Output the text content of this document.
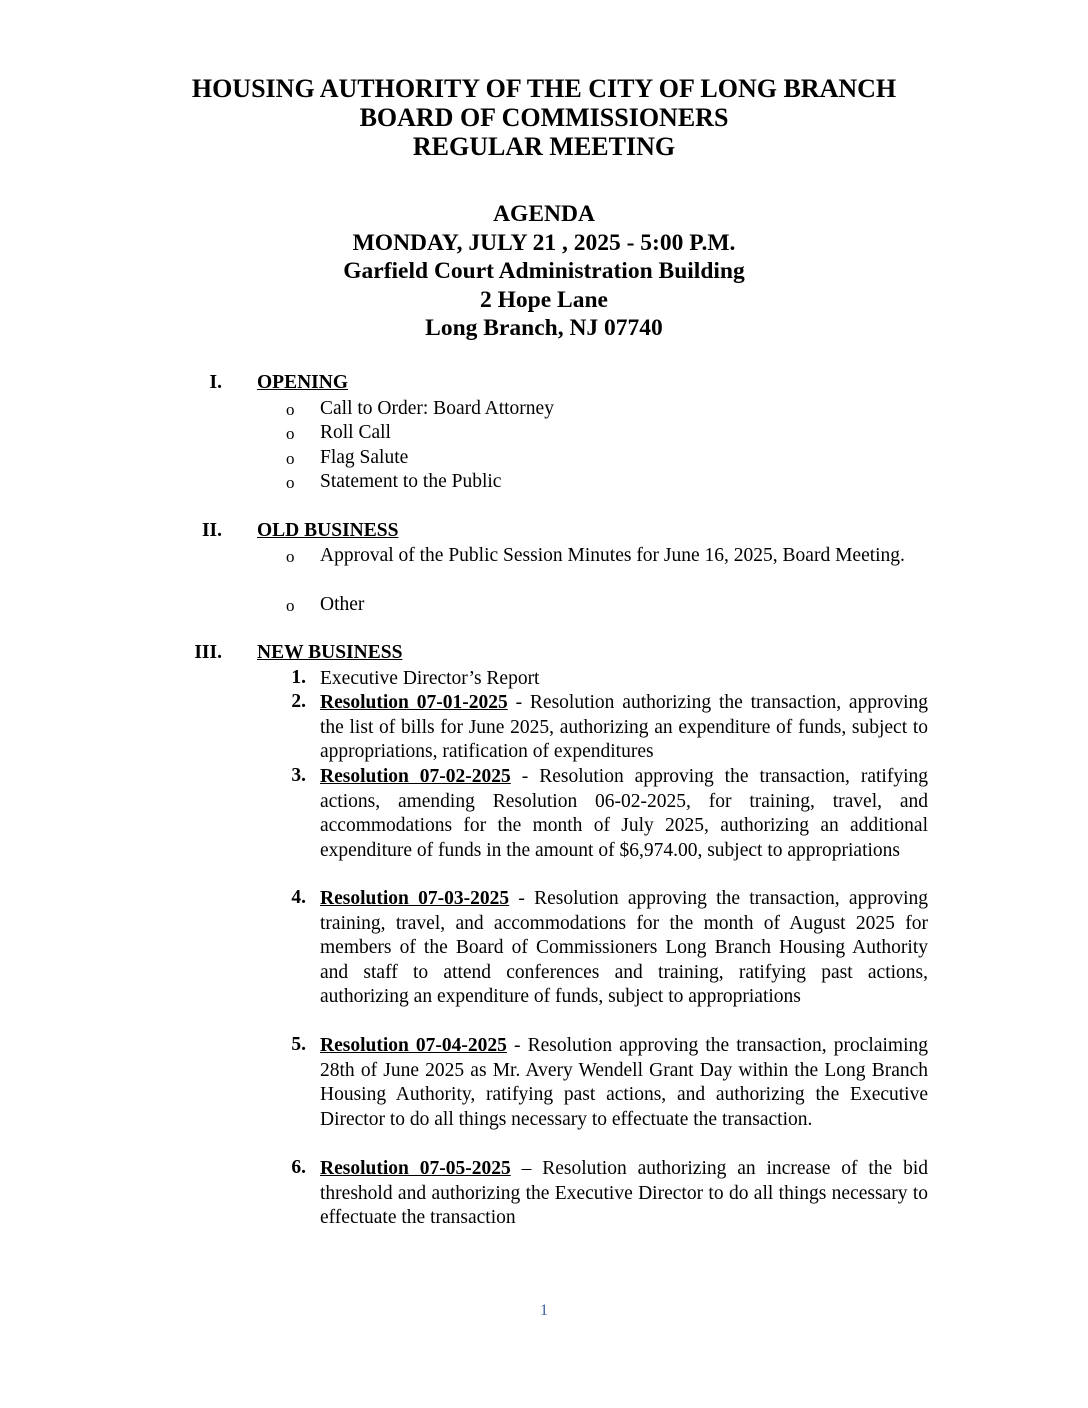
HOUSING AUTHORITY OF THE CITY OF LONG BRANCH
BOARD OF COMMISSIONERS
REGULAR MEETING
AGENDA
MONDAY, JULY 21 , 2025 - 5:00 P.M.
Garfield Court Administration Building
2 Hope Lane
Long Branch, NJ 07740
I. OPENING
o Call to Order: Board Attorney
o Roll Call
o Flag Salute
o Statement to the Public
II. OLD BUSINESS
o Approval of the Public Session Minutes for June 16, 2025, Board Meeting.
o Other
III. NEW BUSINESS
1. Executive Director’s Report
2. Resolution 07-01-2025 - Resolution authorizing the transaction, approving the list of bills for June 2025, authorizing an expenditure of funds, subject to appropriations, ratification of expenditures
3. Resolution 07-02-2025 - Resolution approving the transaction, ratifying actions, amending Resolution 06-02-2025, for training, travel, and accommodations for the month of July 2025, authorizing an additional expenditure of funds in the amount of $6,974.00, subject to appropriations
4. Resolution 07-03-2025 - Resolution approving the transaction, approving training, travel, and accommodations for the month of August 2025 for members of the Board of Commissioners Long Branch Housing Authority and staff to attend conferences and training, ratifying past actions, authorizing an expenditure of funds, subject to appropriations
5. Resolution 07-04-2025 - Resolution approving the transaction, proclaiming 28th of June 2025 as Mr. Avery Wendell Grant Day within the Long Branch Housing Authority, ratifying past actions, and authorizing the Executive Director to do all things necessary to effectuate the transaction.
6. Resolution 07-05-2025 – Resolution authorizing an increase of the bid threshold and authorizing the Executive Director to do all things necessary to effectuate the transaction
1
